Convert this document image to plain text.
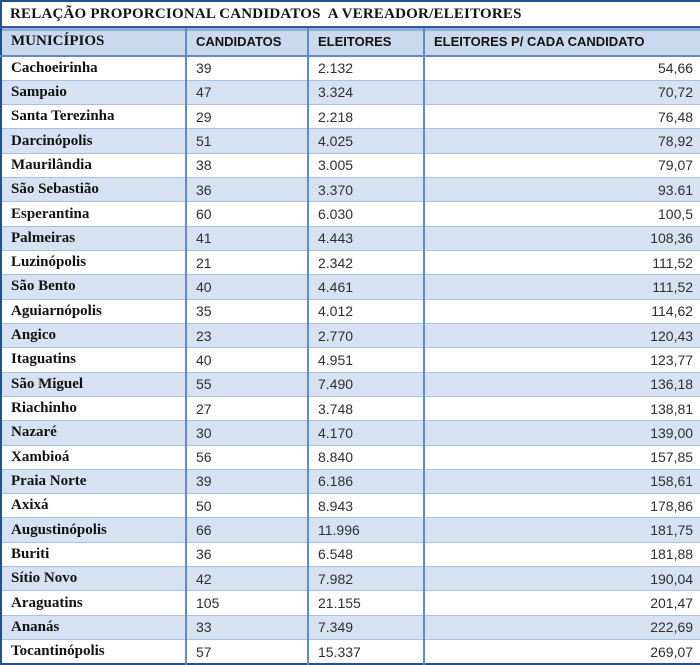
RELAÇÃO PROPORCIONAL CANDIDATOS  A VEREADOR/ELEITORES			
MUNICÍPIOS	CANDIDATOS	ELEITORES	ELEITORES P/ CADA CANDIDATO
Cachoeirinha	39	2.132	54,66
Sampaio	47	3.324	70,72
Santa Terezinha	29	2.218	76,48
Darcinópolis	51	4.025	78,92
Maurilândia	38	3.005	79,07
São Sebastião	36	3.370	93.61
Esperantina	60	6.030	100,5
Palmeiras	41	4.443	108,36
Luzinópolis	21	2.342	111,52
São Bento	40	4.461	111,52
Aguiarnópolis	35	4.012	114,62
Angico	23	2.770	120,43
Itaguatins	40	4.951	123,77
São Miguel	55	7.490	136,18
Riachinho	27	3.748	138,81
Nazaré	30	4.170	139,00
Xambioá	56	8.840	157,85
Praia Norte	39	6.186	158,61
Axixá	50	8.943	178,86
Augustinópolis	66	11.996	181,75
Buriti	36	6.548	181,88
Sítio Novo	42	7.982	190,04
Araguatins	105	21.155	201,47
Ananás	33	7.349	222,69
Tocantinópolis	57	15.337	269,07
